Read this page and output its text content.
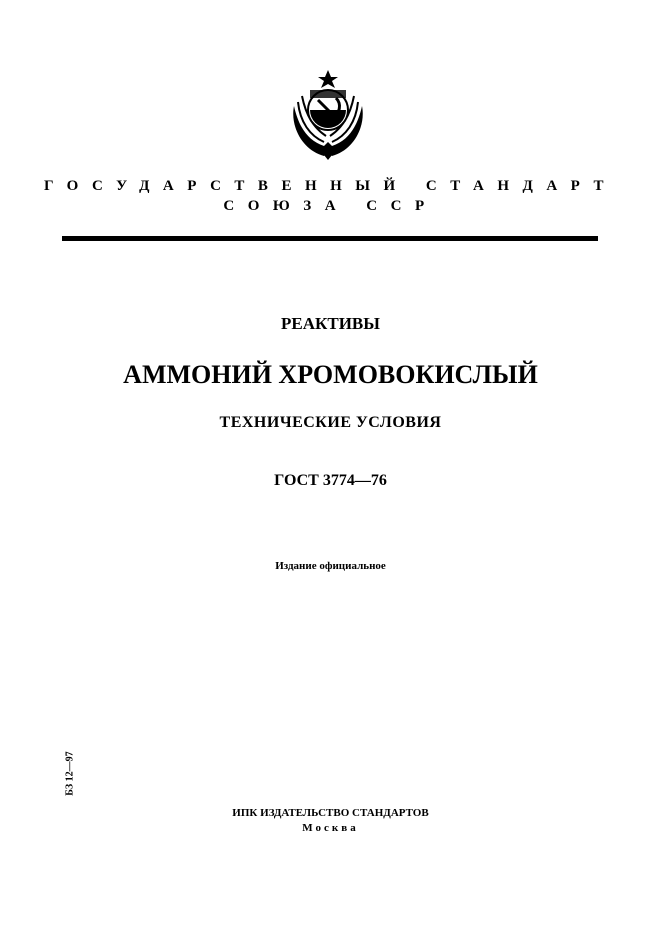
ГОСУДАРСТВЕННЫЙ СТАНДАРТ
СОЮЗА ССР
РЕАКТИВЫ
АММОНИЙ ХРОМОВОКИСЛЫЙ
ТЕХНИЧЕСКИЕ УСЛОВИЯ
ГОСТ 3774—76
Издание официальное
БЗ 12—97
ИПК ИЗДАТЕЛЬСТВО СТАНДАРТОВ
Москва
